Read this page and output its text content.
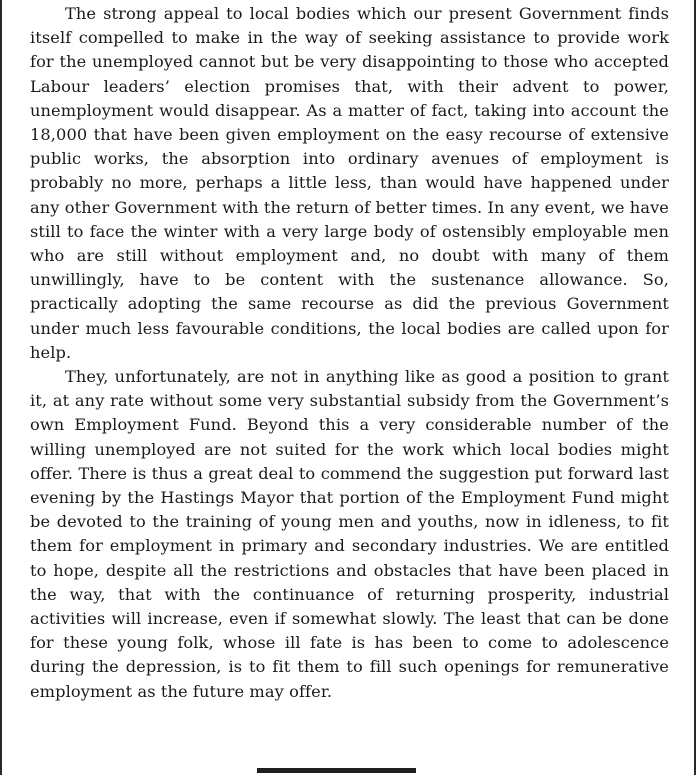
The strong appeal to local bodies which our present Government finds itself compelled to make in the way of seeking assistance to provide work for the unemployed cannot but be very disappointing to those who accepted Labour leaders’ election promises that, with their advent to power, unemployment would disappear. As a matter of fact, taking into account the 18,000 that have been given employment on the easy recourse of extensive public works, the absorption into ordinary avenues of employment is probably no more, perhaps a little less, than would have happened under any other Government with the return of better times. In any event, we have still to face the winter with a very large body of ostensibly employable men who are still without employment and, no doubt with many of them unwillingly, have to be content with the sustenance allowance. So, practically adopting the same recourse as did the previous Government under much less favourable conditions, the local bodies are called upon for help.

They, unfortunately, are not in anything like as good a position to grant it, at any rate without some very substantial subsidy from the Government’s own Employment Fund. Beyond this a very considerable number of the willing unemployed are not suited for the work which local bodies might offer. There is thus a great deal to commend the suggestion put forward last evening by the Hastings Mayor that portion of the Employment Fund might be devoted to the training of young men and youths, now in idleness, to fit them for employment in primary and secondary industries. We are entitled to hope, despite all the restrictions and obstacles that have been placed in the way, that with the continuance of returning prosperity, industrial activities will increase, even if somewhat slowly. The least that can be done for these young folk, whose ill fate is has been to come to adolescence during the depression, is to fit them to fill such openings for remunerative employment as the future may offer.
